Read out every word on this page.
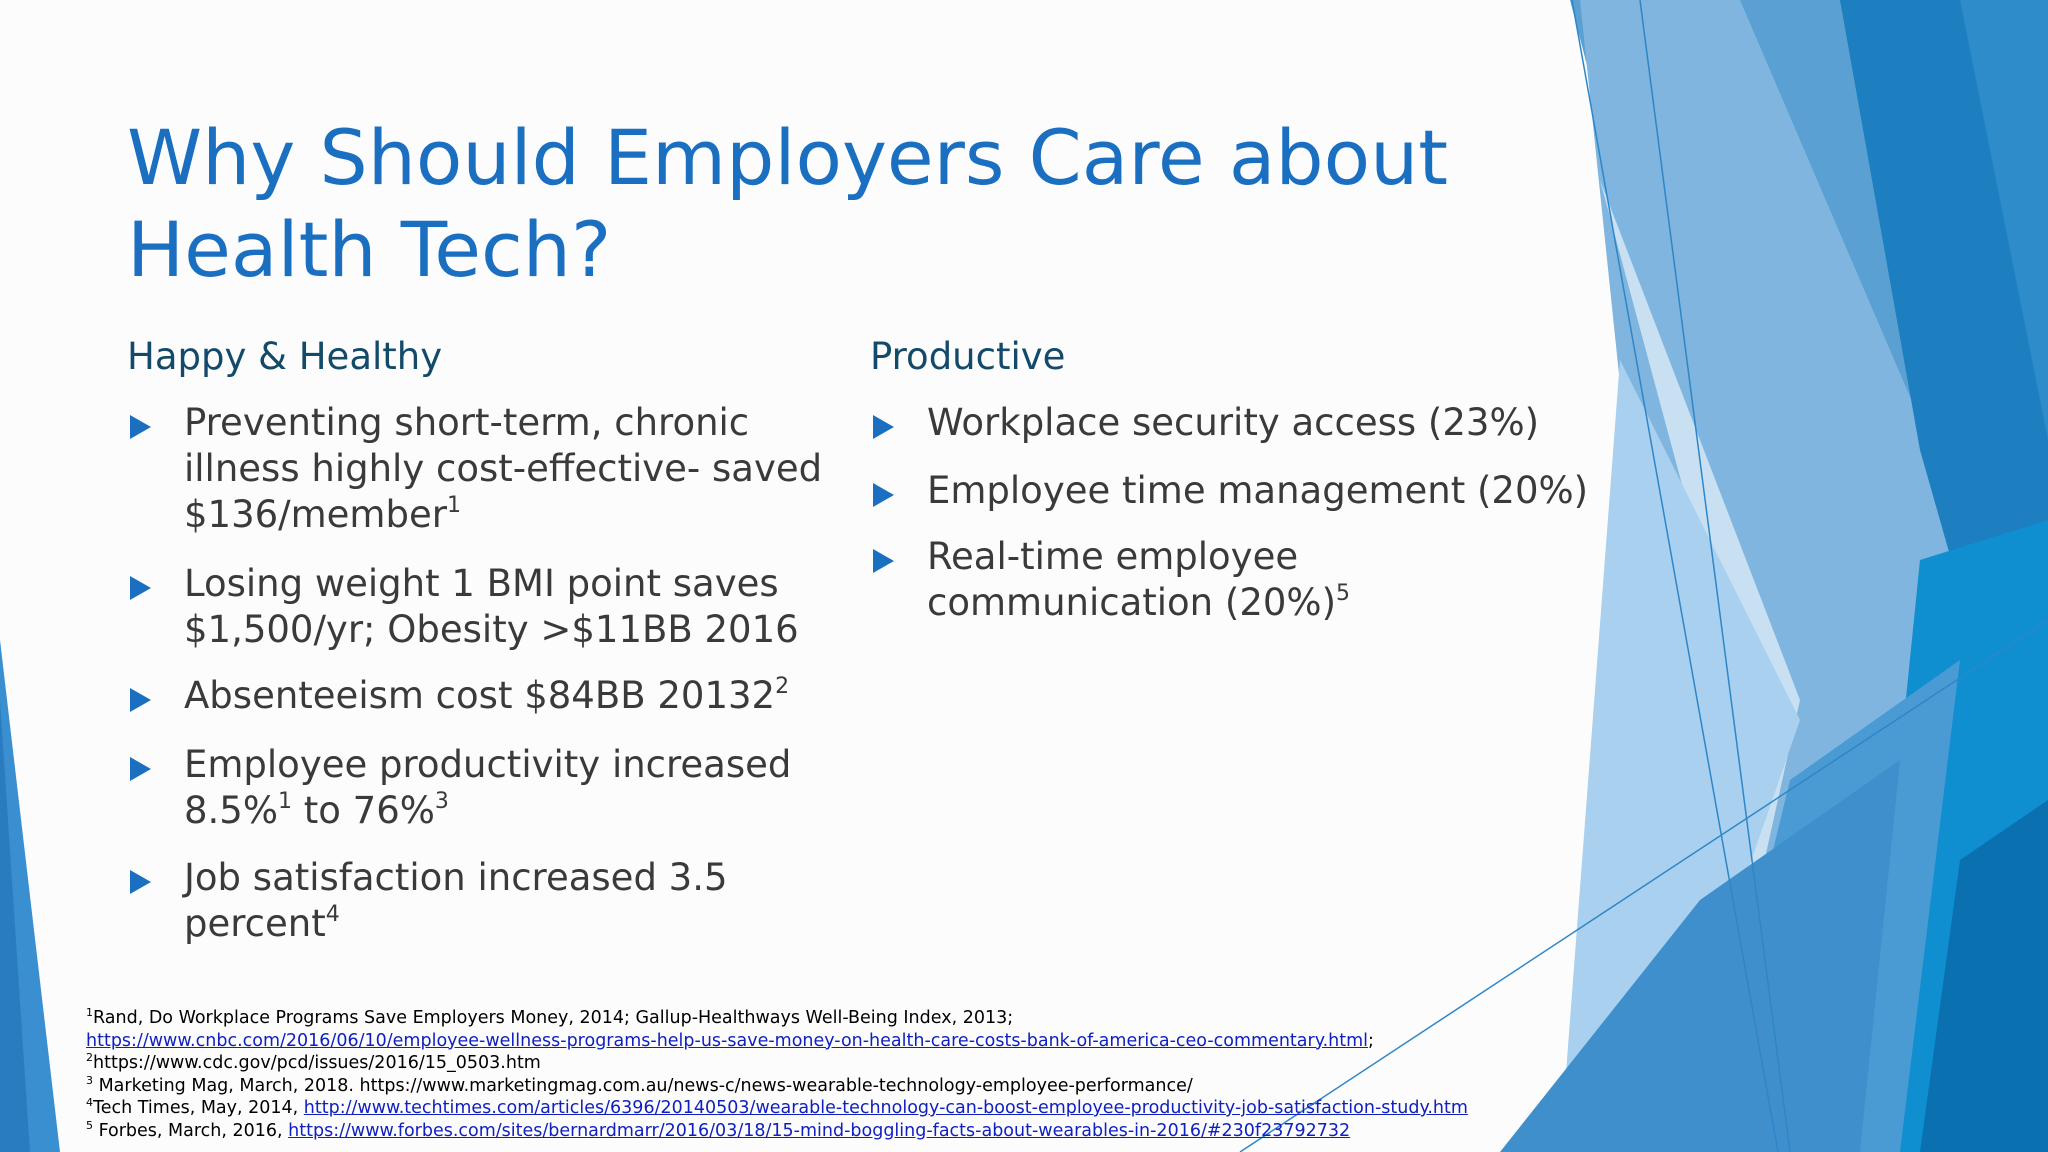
Why Should Employers Care about
Health Tech?
Happy & Healthy
Preventing short-term, chronic
illness highly cost-effective- saved
$136/member$^1$
Losing weight 1 BMI point saves
$1,500/yr; Obesity >$11BB 2016
Absenteeism cost $84BB 20132$^2$
Employee productivity increased
8.5%$^1$ to 76%$^3$
Job satisfaction increased 3.5
percent$^4$
Productive
Workplace security access (23%)
Employee time management (20%)
Real-time employee
communication $(20\%)^5$
$^1$Rand, Do Workplace Programs Save Employers Money, 2014; Gallup-Healthways Well-Being Index, 2013;
https://www.cnbc.com/2016/06/10/employee-wellness-programs-help-us-save-money-on-health-care-costs-bank-of-america-ceo-commentary.html;
$^2$https://www.cdc.gov/pcd/issues/2016/15_0503.htm
$^3$ Marketing Mag, March, 2018. https://www.marketingmag.com.au/news-c/news-wearable-technology-employee-performance/
$^4$Tech Times, May, 2014, http://www.techtimes.com/articles/6396/20140503/wearable-technology-can-boost-employee-productivity-job-satisfaction-study.htm
$^5$ Forbes, March, 2016, https://www.forbes.com/sites/bernardmarr/2016/03/18/15-mind-boggling-facts-about-wearables-in-2016/#230f23792732
